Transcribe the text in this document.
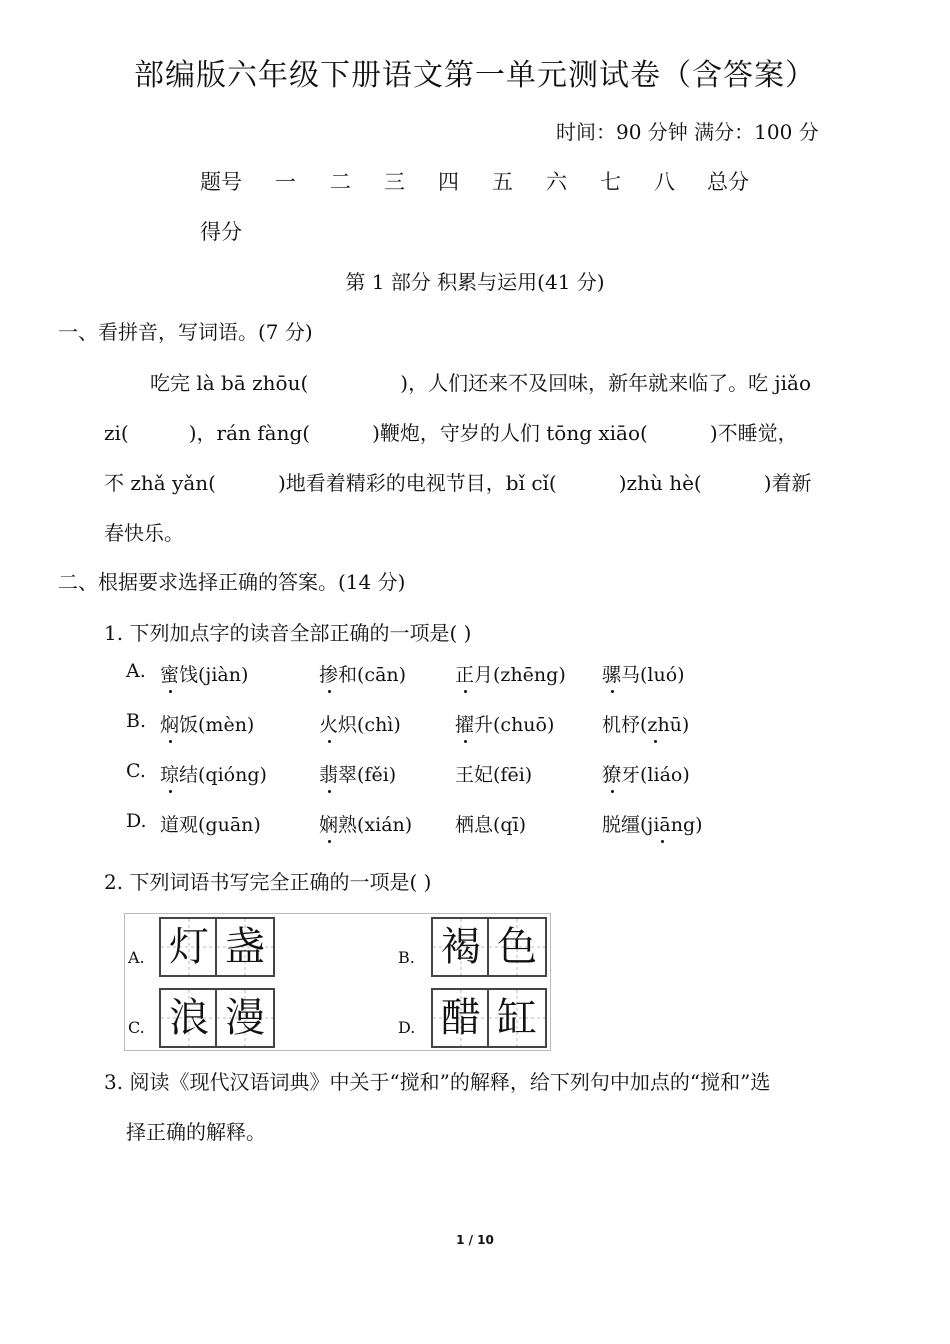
部编版六年级下册语文第一单元测试卷（含答案）
时间：90 分钟 满分：100 分
题号 一 二 三 四 五 六 七 八 总分
得分
第 1 部分 积累与运用(41 分)
一、看拼音，写词语。(7 分)
吃完 là bā zhōu(	)，人们还来不及回味，新年就来临了。吃 jiǎo
zi(	)，rán fàng(	)鞭炮，守岁的人们 tōng xiāo(	)不睡觉，
不 zhǎ yǎn(	)地看着精彩的电视节目，bǐ cǐ(	)zhù hè(	)着新
春快乐。
二、根据要求选择正确的答案。(14 分)
1. 下列加点字的读音全部正确的一项是( )
A. 蜜饯(jiàn)	掺和(cān)	正月(zhēng) 骡马(luó)
B. 焖饭(mèn)	火炽(chì)	擢升(chuō)	机杼(zhū)
C. 琼结(qióng)	翡翠(fěi)	王妃(fēi)	獠牙(liáo)
D. 道观(guān)	娴熟(xián) 栖息(qī)	脱缰(jiāng)
2. 下列词语书写完全正确的一项是( )
A. 灯 盏	B. 褐 色
C. 浪 漫	D. 醋 缸
3. 阅读《现代汉语词典》中关于“搅和”的解释，给下列句中加点的“搅和”选
择正确的解释。
1 / 10
